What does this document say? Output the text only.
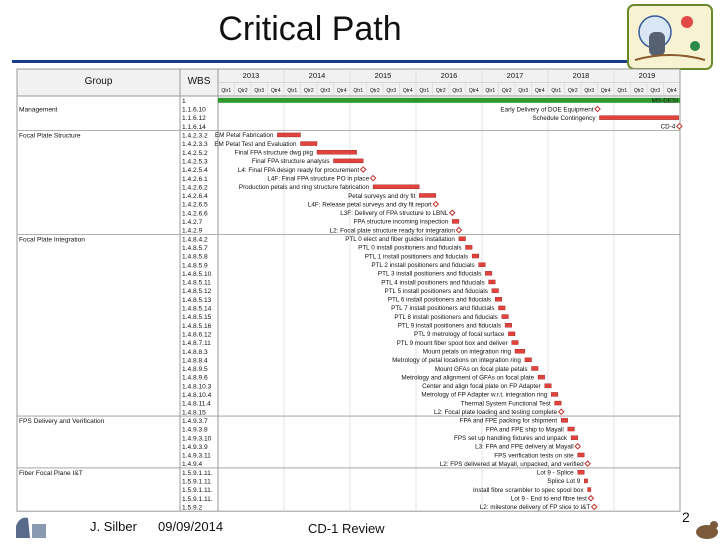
Critical Path
Group	WBS
2013
Qtr1 Qtr2 Qtr3 Qtr4
2014
Qtr1 Qtr2 Qtr3 Qtr4
2015
Qtr1 Qtr2 Qtr3 Qtr4
2016
Qtr1 Qtr2 Qtr3 Qtr4
2017
Qtr1 Qtr2 Qtr3 Qtr4
2018
Qtr1 Qtr2 Qtr3 Qtr4
2019
Qtr1 Qtr2 Qtr3 Qtr4
1	MS-DESI
Management	1.1.6.10	Early Delivery of DOE Equipment
1.1.6.12	Schedule Contingency
1.1.6.14	CD-4
Focal Plate Structure	1.4.2.3.2 EM Petal Fabrication
1.4.2.3.3 EM Petal Test and Evaluation
1.4.2.5.2	Final FPA structure dwg pkg
1.4.2.5.3	Final FPA structure analysis
1.4.2.5.4	L4: Final FPA design ready for procurement
1.4.2.6.1	L4F: Final FPA structure PO in place
1.4.2.6.2	Production petals and ring structure fabrication
1.4.2.6.4	Petal surveys and dry fit
1.4.2.6.5	L4F: Release petal surveys and dry fit report
1.4.2.6.6	L3F: Delivery of FPA structure to LBNL
1.4.2.7	FPA structure incoming inspection
1.4.2.9	L2: Focal plate structure ready for integration
Focal Plate Integration	1.4.8.4.2	PTL 0 elect and fiber guides installation
1.4.8.5.7	PTL 0 install positioners and fiducials
1.4.8.5.8	PTL 1 install positioners and fiducials
1.4.8.5.9	PTL 2 install positioners and fiducials
1.4.8.5.10	PTL 3 install positioners and fiducials
1.4.8.5.11	PTL 4 install positioners and fiducials
1.4.8.5.12	PTL 5 install positioners and fiducials
1.4.8.5.13	PTL 6 install positioners and fiducials
1.4.8.5.14	PTL 7 install positioners and fiducials
1.4.8.5.15	PTL 8 install positioners and fiducials
1.4.8.5.16	PTL 9 install positioners and fiducials
1.4.8.6.12	PTL 9 metrology of focal surface
1.4.8.7.11	PTL 9 mount fiber spool box and deliver
1.4.8.8.3	Mount petals on integration ring
1.4.8.8.4	Metrology of petal locations on integration ring
1.4.8.9.5	Mount GFAs on focal plate petals
1.4.8.9.6	Metrology and alignment of GFAs on focal plate
1.4.8.10.3	Center and align focal plate on FP Adapter
1.4.8.10.4	Metrology of FP Adapter w.r.t. integration ring
1.4.8.11.4	Thermal System Functional Test
1.4.8.15	L2: Focal plate loading and testing complete
FPS Delivery and Verification	1.4.9.3.7	FPA and FPE packing for shipment
1.4.9.3.8	FPA and FPE ship to Mayall
1.4.9.3.10	FPS set up handling fixtures and unpack
1.4.9.3.9	L3: FPA and FPE delivery at Mayall
1.4.9.3.11	FPS verification tests on site
1.4.9.4	L2: FPS delivered at Mayall, unpacked, and verified
Fiber Focal Plane I&T	1.5.9.1.11.	Lot 9 - Splice
1.5.9.1.11	Splice Lot 9
1.5.9.1.11.	Install fibre scrambler to spec spool box
1.5.9.1.11.	Lot 9 - End to end fibre test
1.5.9.2	L2: milestone delivery of FP slice to I&T
J. Silber 09/09/2014	CD-1 Review
2
